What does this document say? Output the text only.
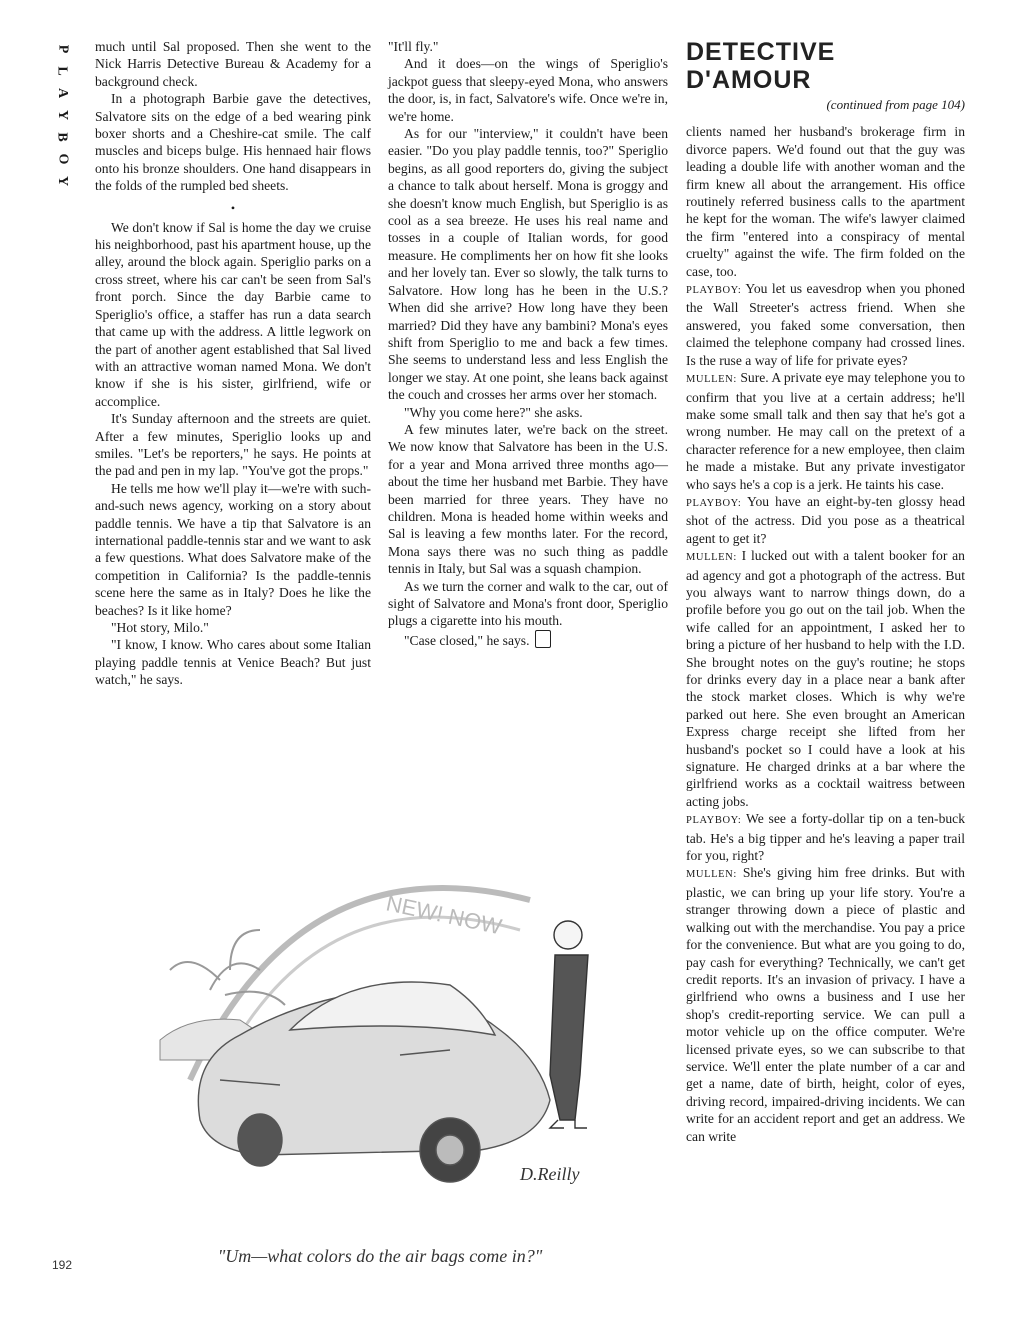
P
L
A
Y
B
O
Y

much until Sal proposed. Then she went to the Nick Harris Detective Bureau & Academy for a background check.

In a photograph Barbie gave the detectives, Salvatore sits on the edge of a bed wearing pink boxer shorts and a Cheshire-cat smile. The calf muscles and biceps bulge. His hennaed hair flows onto his bronze shoulders. One hand disappears in the folds of the rumpled bed sheets.

•

We don't know if Sal is home the day we cruise his neighborhood, past his apartment house, up the alley, around the block again. Speriglio parks on a cross street, where his car can't be seen from Sal's front porch. Since the day Barbie came to Speriglio's office, a staffer has run a data search that came up with the address. A little legwork on the part of another agent established that Sal lived with an attractive woman named Mona. We don't know if she is his sister, girlfriend, wife or accomplice.

It's Sunday afternoon and the streets are quiet. After a few minutes, Speriglio looks up and smiles. "Let's be reporters," he says. He points at the pad and pen in my lap. "You've got the props."

He tells me how we'll play it—we're with such-and-such news agency, working on a story about paddle tennis. We have a tip that Salvatore is an international paddle-tennis star and we want to ask a few questions. What does Salvatore make of the competition in California? Is the paddle-tennis scene here the same as in Italy? Does he like the beaches? Is it like home?

"Hot story, Milo."

"I know, I know. Who cares about some Italian playing paddle tennis at Venice Beach? But just watch," he says.

"It'll fly."

And it does—on the wings of Speriglio's jackpot guess that sleepy-eyed Mona, who answers the door, is, in fact, Salvatore's wife. Once we're in, we're home.

As for our "interview," it couldn't have been easier. "Do you play paddle tennis, too?" Speriglio begins, as all good reporters do, giving the subject a chance to talk about herself. Mona is groggy and she doesn't know much English, but Speriglio is as cool as a sea breeze. He uses his real name and tosses in a couple of Italian words, for good measure. He compliments her on how fit she looks and her lovely tan. Ever so slowly, the talk turns to Salvatore. How long has he been in the U.S.? When did she arrive? How long have they been married? Did they have any bambini? Mona's eyes shift from Speriglio to me and back a few times. She seems to understand less and less English the longer we stay. At one point, she leans back against the couch and crosses her arms over her stomach.

"Why you come here?" she asks.

A few minutes later, we're back on the street. We now know that Salvatore has been in the U.S. for a year and Mona arrived three months ago—about the time her husband met Barbie. They have been married for three years. They have no children. Mona is headed home within weeks and Sal is leaving a few months later. For the record, Mona says there was no such thing as paddle tennis in Italy, but Sal was a squash champion.

As we turn the corner and walk to the car, out of sight of Salvatore and Mona's front door, Speriglio plugs a cigarette into his mouth.

"Case closed," he says.

DETECTIVE D'AMOUR
(continued from page 104)

clients named her husband's brokerage firm in divorce papers. We'd found out that the guy was leading a double life with another woman and the firm knew all about the arrangement. His office routinely referred business calls to the apartment he kept for the woman. The wife's lawyer claimed the firm "entered into a conspiracy of mental cruelty" against the wife. The firm folded on the case, too.

PLAYBOY: You let us eavesdrop when you phoned the Wall Streeter's actress friend. When she answered, you faked some conversation, then claimed the telephone company had crossed lines. Is the ruse a way of life for private eyes?

MULLEN: Sure. A private eye may telephone you to confirm that you live at a certain address; he'll make some small talk and then say that he's got a wrong number. He may call on the pretext of a character reference for a new employee, then claim he made a mistake. But any private investigator who says he's a cop is a jerk. He taints his case.

PLAYBOY: You have an eight-by-ten glossy head shot of the actress. Did you pose as a theatrical agent to get it?

MULLEN: I lucked out with a talent booker for an ad agency and got a photograph of the actress. But you always want to narrow things down, do a profile before you go out on the tail job. When the wife called for an appointment, I asked her to bring a picture of her husband to help with the I.D. She brought notes on the guy's routine; he stops for drinks every day in a place near a bank after the stock market closes. Which is why we're parked out here. She even brought an American Express charge receipt she lifted from her husband's pocket so I could have a look at his signature. He charged drinks at a bar where the girlfriend works as a cocktail waitress between acting jobs.

PLAYBOY: We see a forty-dollar tip on a ten-buck tab. He's a big tipper and he's leaving a paper trail for you, right?

MULLEN: She's giving him free drinks. But with plastic, we can bring up your life story. You're a stranger throwing down a piece of plastic and walking out with the merchandise. You pay a price for the convenience. But what are you going to do, pay cash for everything? Technically, we can't get credit reports. It's an invasion of privacy. I have a girlfriend who owns a business and I use her shop's credit-reporting service. We can pull a motor vehicle up on the office computer. We're licensed private eyes, so we can subscribe to that service. We'll enter the plate number of a car and get a name, date of birth, height, color of eyes, driving record, impaired-driving incidents. We can write for an accident report and get an address. We can write

NEW! NOW
D.Reilly
"Um—what colors do the air bags come in?"
192
